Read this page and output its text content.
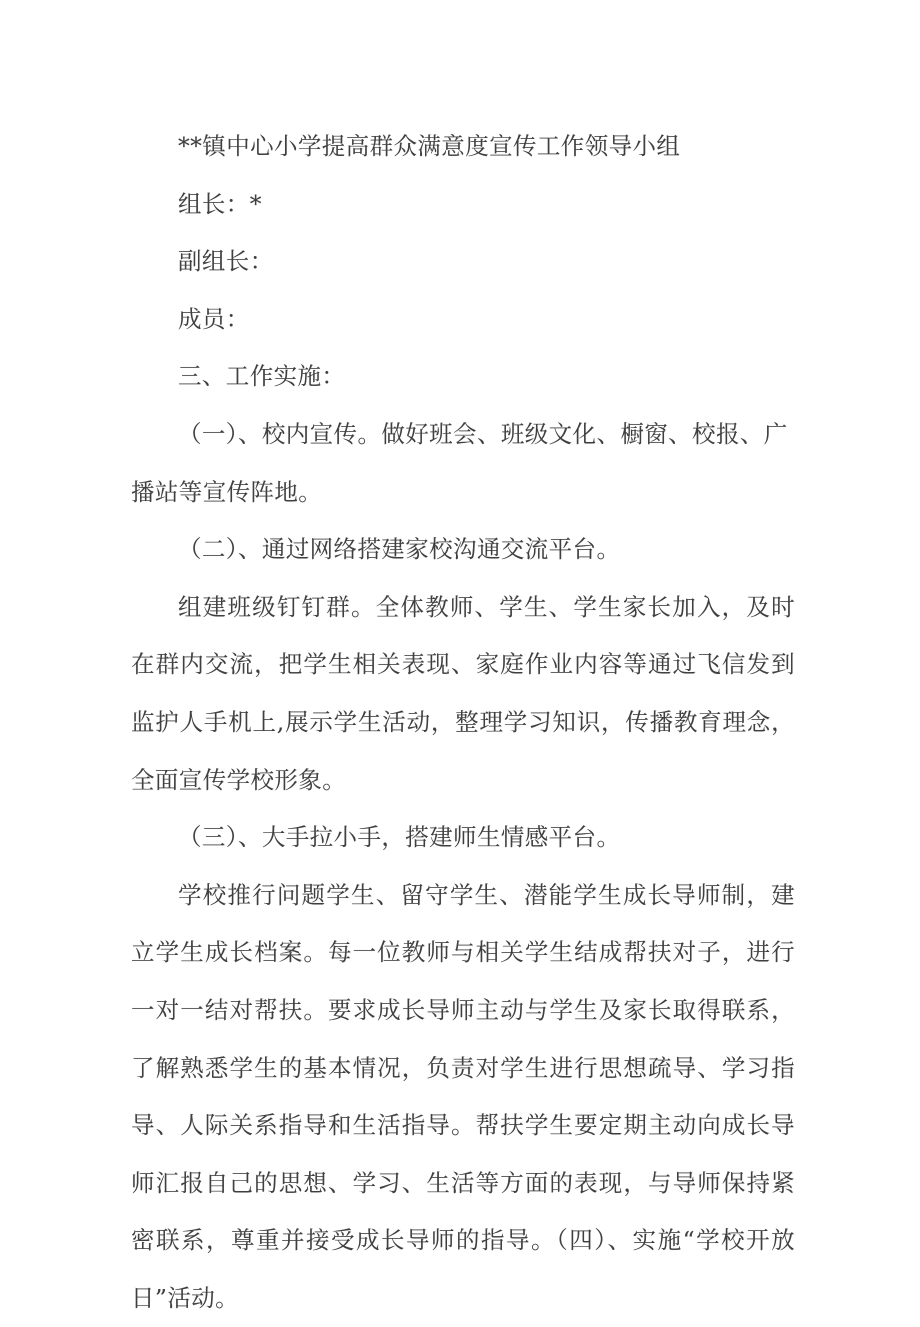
**镇中心小学提高群众满意度宣传工作领导小组

组长：*

副组长：

成员：

三、工作实施：

（一）、校内宣传。做好班会、班级文化、橱窗、校报、广播站等宣传阵地。

（二）、通过网络搭建家校沟通交流平台。

组建班级钉钉群。全体教师、学生、学生家长加入，及时在群内交流，把学生相关表现、家庭作业内容等通过飞信发到监护人手机上,展示学生活动，整理学习知识，传播教育理念，全面宣传学校形象。

（三）、大手拉小手，搭建师生情感平台。

学校推行问题学生、留守学生、潜能学生成长导师制，建立学生成长档案。每一位教师与相关学生结成帮扶对子，进行一对一结对帮扶。要求成长导师主动与学生及家长取得联系，了解熟悉学生的基本情况，负责对学生进行思想疏导、学习指导、人际关系指导和生活指导。帮扶学生要定期主动向成长导师汇报自己的思想、学习、生活等方面的表现，与导师保持紧密联系，尊重并接受成长导师的指导。（四）、实施“学校开放日”活动。
